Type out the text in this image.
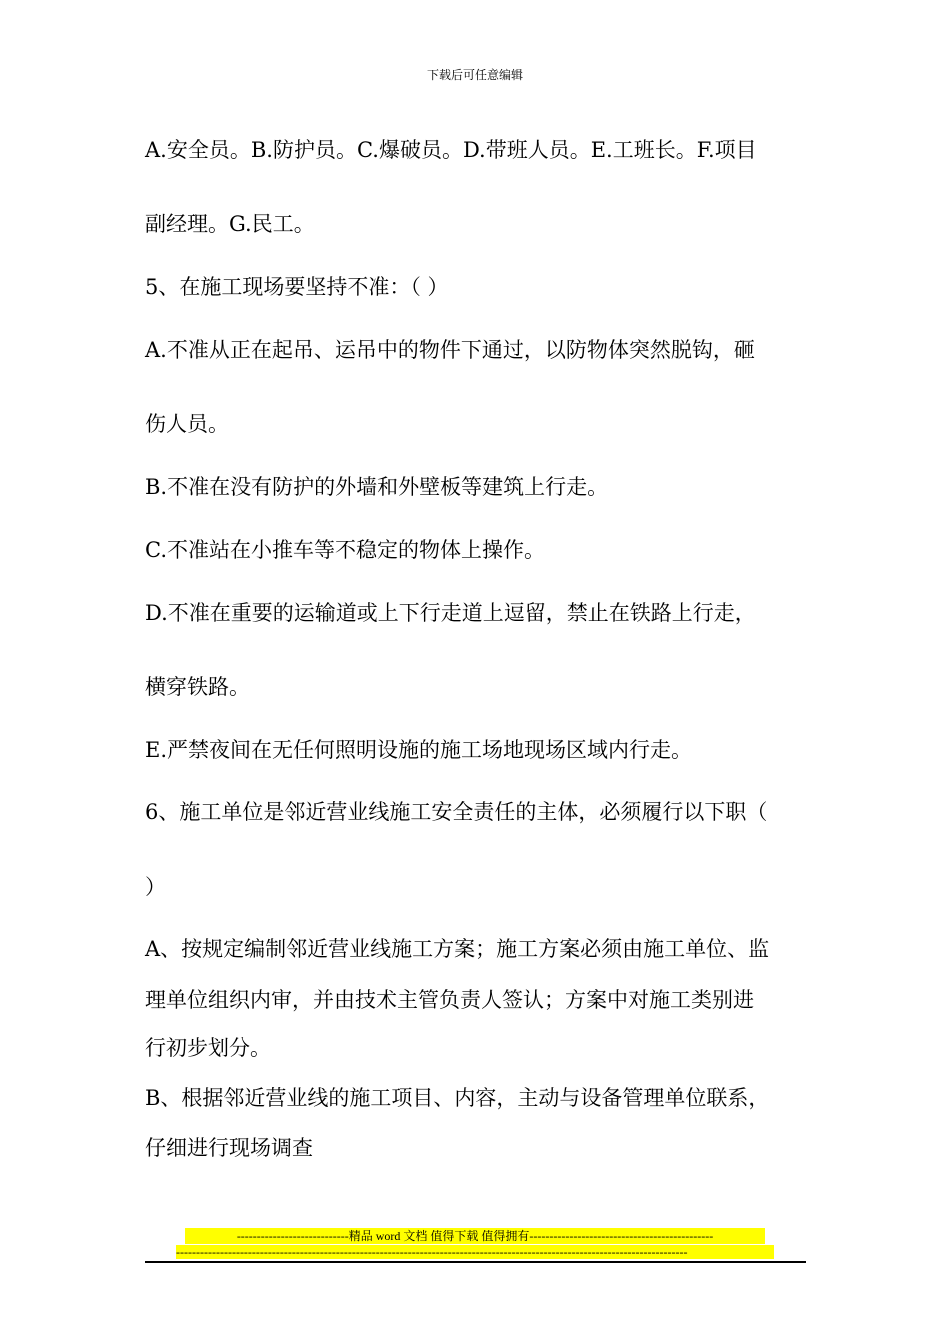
下载后可任意编辑
A.安全员。B.防护员。C.爆破员。D.带班人员。E.工班长。F.项目
副经理。G.民工。
5、在施工现场要坚持不准：（ ）
A.不准从正在起吊、运吊中的物件下通过，以防物体突然脱钩，砸
伤人员。
B.不准在没有防护的外墙和外壁板等建筑上行走。
C.不准站在小推车等不稳定的物体上操作。
D.不准在重要的运输道或上下行走道上逗留，禁止在铁路上行走，
横穿铁路。
E.严禁夜间在无任何照明设施的施工场地现场区域内行走。
6、施工单位是邻近营业线施工安全责任的主体，必须履行以下职（
）
A、按规定编制邻近营业线施工方案；施工方案必须由施工单位、监
理单位组织内审，并由技术主管负责人签认；方案中对施工类别进
行初步划分。
B、根据邻近营业线的施工项目、内容，主动与设备管理单位联系，
仔细进行现场调查
----------------------------精品 word 文档 值得下载 值得拥有----------------------------------------------
--------------------------------------------------------------------------------------------------------------------------------
